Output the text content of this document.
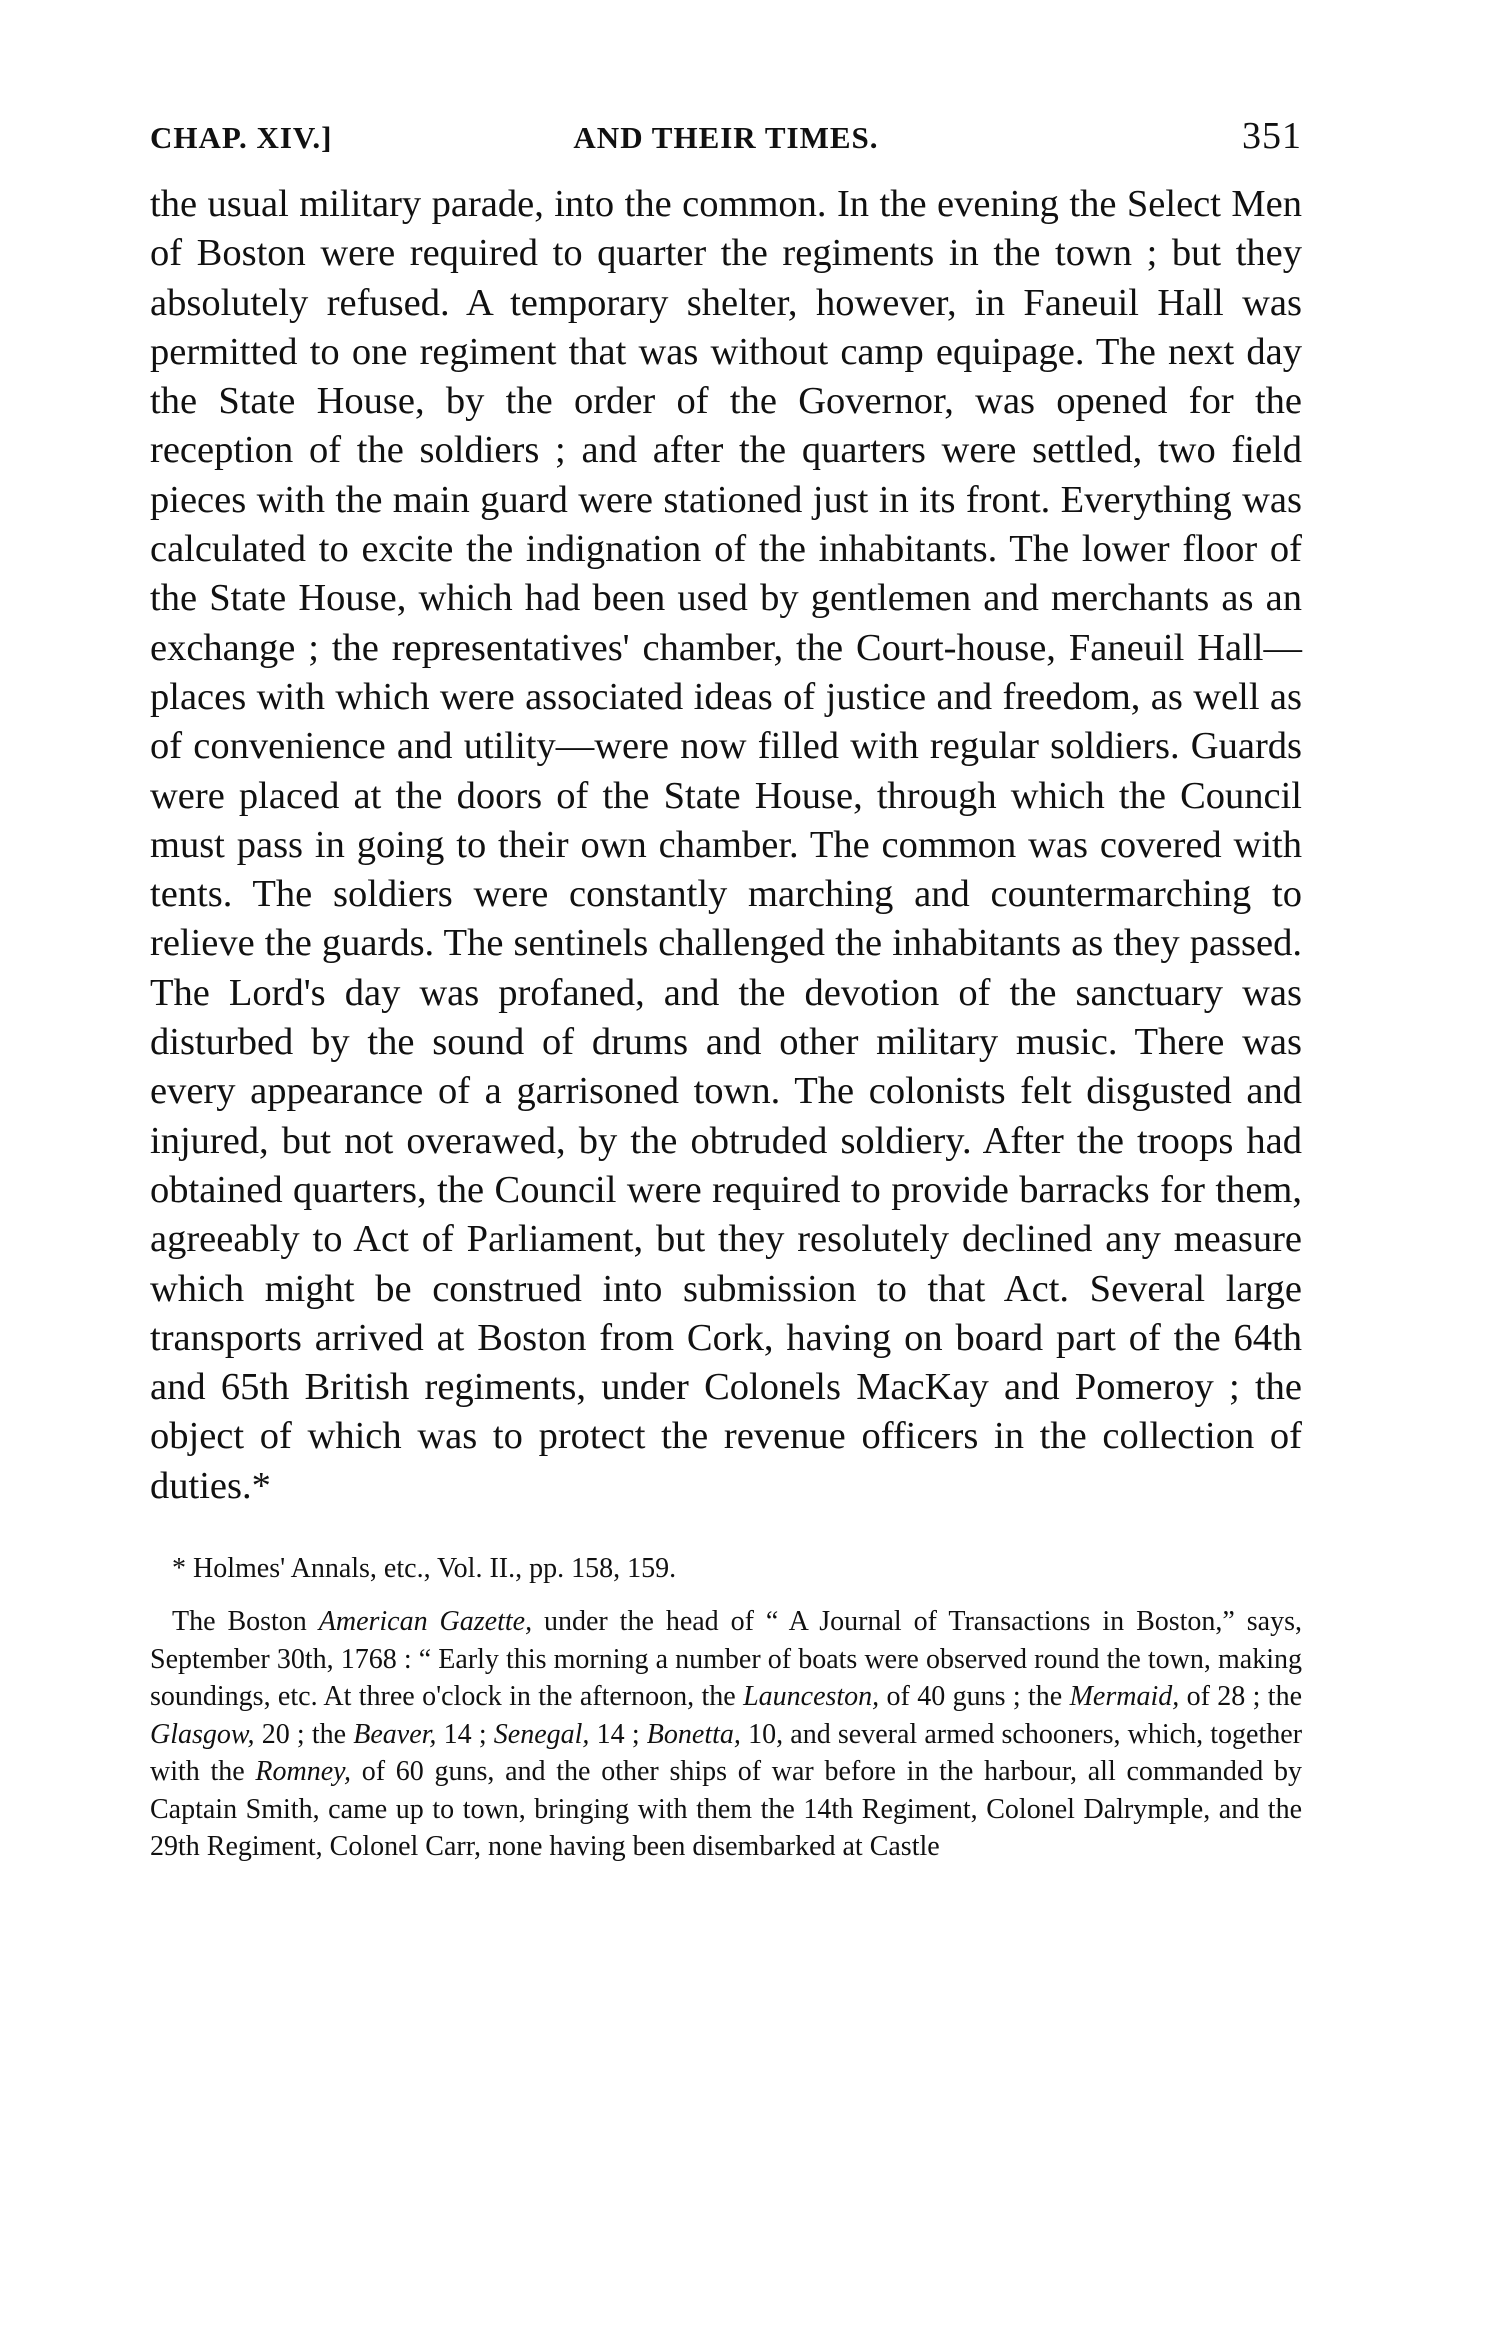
CHAP. XIV.]	AND THEIR TIMES.	351

the usual military parade, into the common. In the evening the Select Men of Boston were required to quarter the regiments in the town ; but they absolutely refused. A temporary shelter, however, in Faneuil Hall was permitted to one regiment that was without camp equipage. The next day the State House, by the order of the Governor, was opened for the reception of the soldiers ; and after the quarters were settled, two field pieces with the main guard were stationed just in its front. Everything was calculated to excite the indignation of the inhabitants. The lower floor of the State House, which had been used by gentlemen and merchants as an exchange ; the representatives' chamber, the Court-house, Faneuil Hall—places with which were associated ideas of justice and freedom, as well as of convenience and utility—were now filled with regular soldiers. Guards were placed at the doors of the State House, through which the Council must pass in going to their own chamber. The common was covered with tents. The soldiers were constantly marching and countermarching to relieve the guards. The sentinels challenged the inhabitants as they passed. The Lord's day was profaned, and the devotion of the sanctuary was disturbed by the sound of drums and other military music. There was every appearance of a garrisoned town. The colonists felt disgusted and injured, but not overawed, by the obtruded soldiery. After the troops had obtained quarters, the Council were required to provide barracks for them, agreeably to Act of Parliament, but they resolutely declined any measure which might be construed into submission to that Act. Several large transports arrived at Boston from Cork, having on board part of the 64th and 65th British regiments, under Colonels MacKay and Pomeroy ; the object of which was to protect the revenue officers in the collection of duties.*

* Holmes' Annals, etc., Vol. II., pp. 158, 159.

The Boston American Gazette, under the head of “ A Journal of Transactions in Boston,” says, September 30th, 1768 : “ Early this morning a number of boats were observed round the town, making soundings, etc. At three o'clock in the afternoon, the Launceston, of 40 guns ; the Mermaid, of 28 ; the Glasgow, 20 ; the Beaver, 14 ; Senegal, 14 ; Bonetta, 10, and several armed schooners, which, together with the Romney, of 60 guns, and the other ships of war before in the harbour, all commanded by Captain Smith, came up to town, bringing with them the 14th Regiment, Colonel Dalrymple, and the 29th Regiment, Colonel Carr, none having been disembarked at Castle
